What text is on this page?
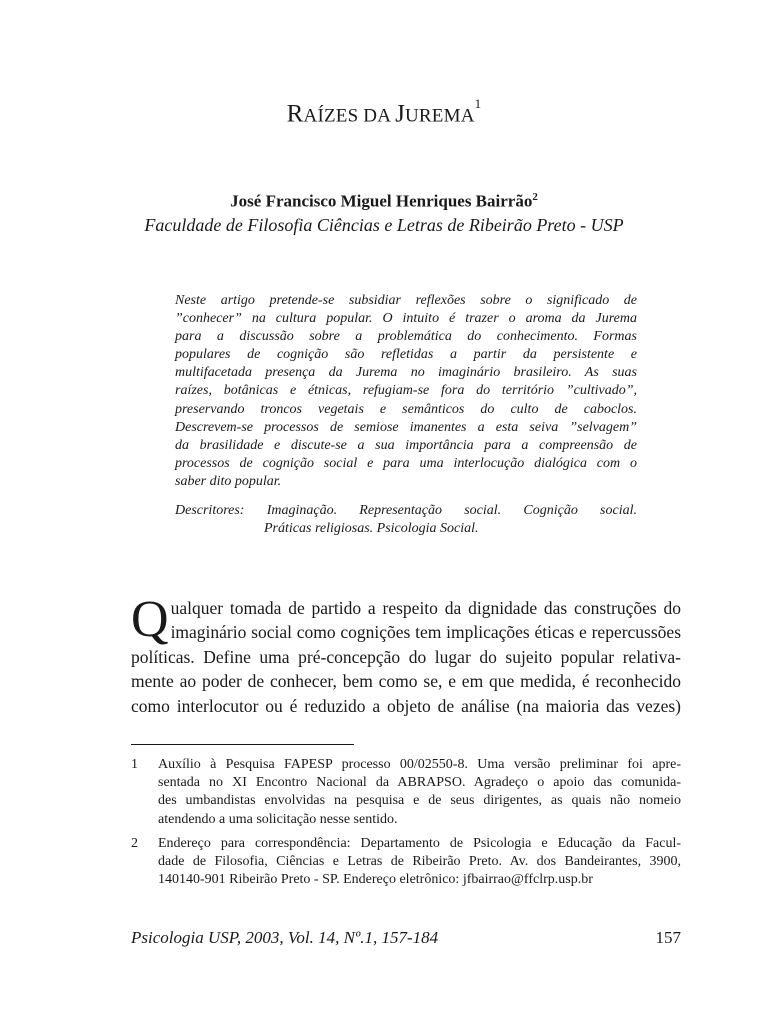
RAÍZES DA JUREMA$^1$
José Francisco Miguel Henriques Bairrão$^2$
Faculdade de Filosofia Ciências e Letras de Ribeirão Preto - USP
Neste artigo pretende-se subsidiar reflexões sobre o significado de
”conhecer” na cultura popular. O intuito é trazer o aroma da Jurema
para a discussão sobre a problemática do conhecimento. Formas
populares de cognição são refletidas a partir da persistente e
multifacetada presença da Jurema no imaginário brasileiro. As suas
raízes, botânicas e étnicas, refugiam-se fora do território ”cultivado”,
preservando troncos vegetais e semânticos do culto de caboclos.
Descrevem-se processos de semiose imanentes a esta seiva ”selvagem”
da brasilidade e discute-se a sua importância para a compreensão de
processos de cognição social e para uma interlocução dialógica com o
saber dito popular.
Descritores: Imaginação. Representação social. Cognição social.
Práticas religiosas. Psicologia Social.
Q ualquer tomada de partido a respeito da dignidade das construções do
imaginário social como cognições tem implicações éticas e repercussões
políticas. Define uma pré-concepção do lugar do sujeito popular relativa-
mente ao poder de conhecer, bem como se, e em que medida, é reconhecido
como interlocutor ou é reduzido a objeto de análise (na maioria das vezes)
1 Auxílio à Pesquisa FAPESP processo 00/02550-8. Uma versão preliminar foi apre-
sentada no XI Encontro Nacional da ABRAPSO. Agradeço o apoio das comunida-
des umbandistas envolvidas na pesquisa e de seus dirigentes, as quais não nomeio
atendendo a uma solicitação nesse sentido.
2 Endereço para correspondência: Departamento de Psicologia e Educação da Facul-
dade de Filosofia, Ciências e Letras de Ribeirão Preto. Av. dos Bandeirantes, 3900,
140140-901 Ribeirão Preto - SP. Endereço eletrônico: jfbairrao@ffclrp.usp.br
Psicologia USP, 2003, Vol. 14, Nº.1, 157-184	157
